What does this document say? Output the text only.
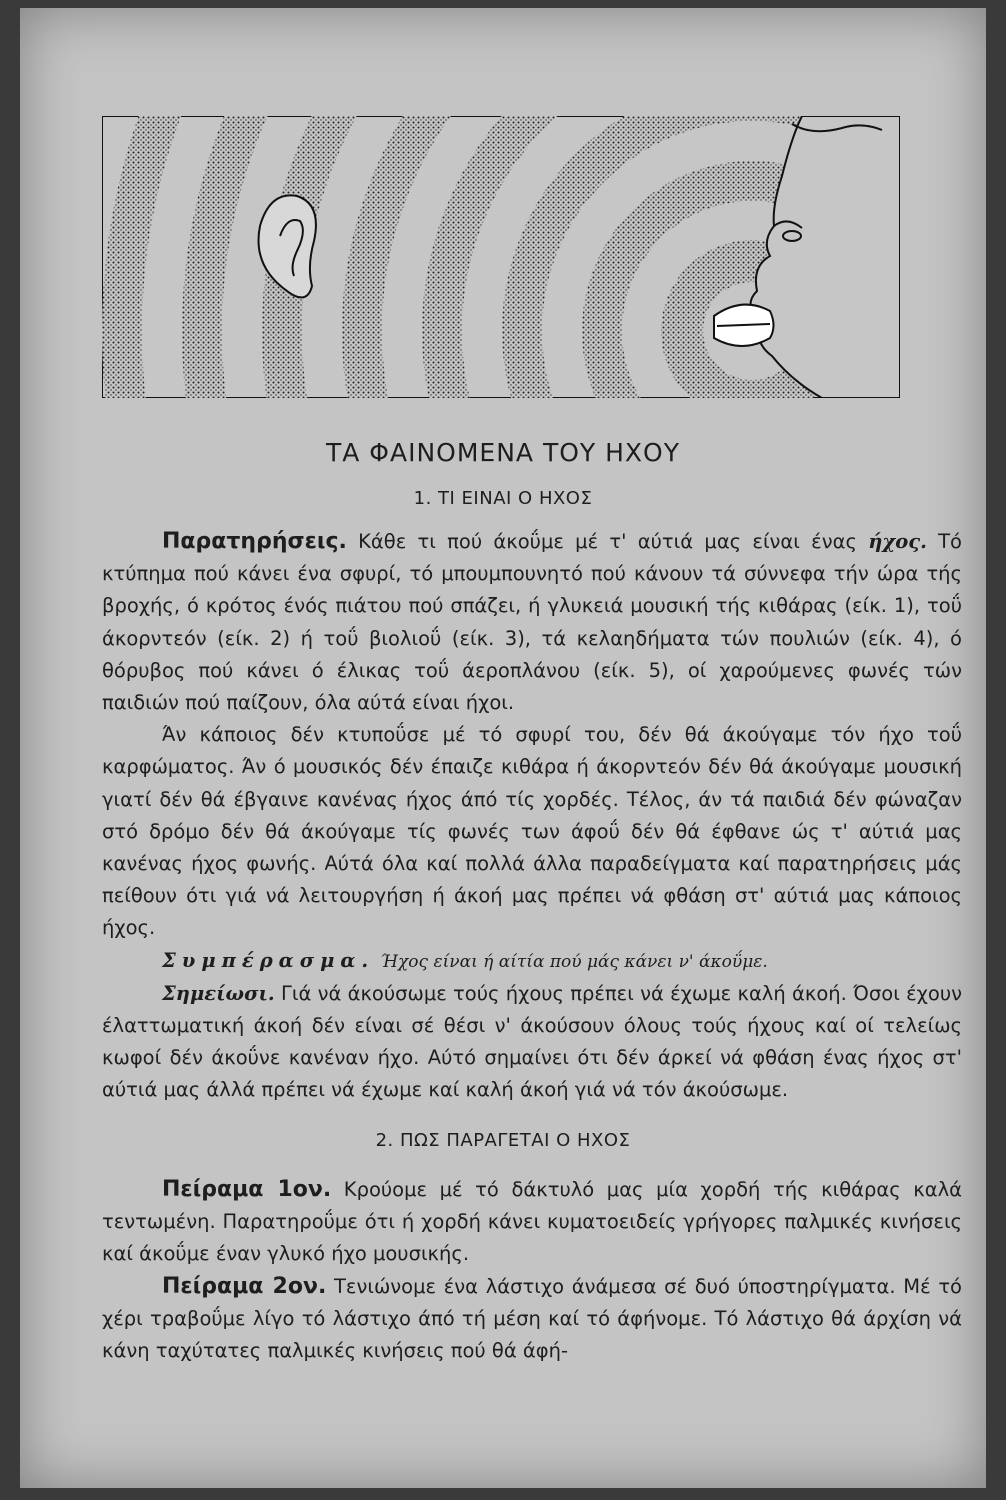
ΤΑ ΦΑΙΝΟΜΕΝΑ ΤΟΥ ΗΧΟΥ
1. ΤΙ ΕΙΝΑΙ Ο ΗΧΟΣ

Παρατηρήσεις. Κάθε τι πού άκοΰμε μέ τ' αύτιά μας είναι ένας ήχος. Τό κτύπημα πού κάνει ένα σφυρί, τό μπουμπουνητό πού κάνουν τά σύννεφα τήν ώρα τής βροχής, ό κρότος ένός πιάτου πού σπάζει, ή γλυκειά μουσική τής κιθάρας (είκ. 1), τοΰ άκορντεόν (είκ. 2) ή τοΰ βιολιοΰ (είκ. 3), τά κελαηδήματα τών πουλιών (είκ. 4), ό θόρυβος πού κάνει ό έλικας τοΰ άεροπλάνου (είκ. 5), οί χαρούμενες φωνές τών παιδιών πού παίζουν, όλα αύτά είναι ήχοι.

Άν κάποιος δέν κτυποΰσε μέ τό σφυρί του, δέν θά άκούγαμε τόν ήχο τοΰ καρφώματος. Άν ό μουσικός δέν έπαιζε κιθάρα ή άκορντεόν δέν θά άκούγαμε μουσική γιατί δέν θά έβγαινε κανένας ήχος άπό τίς χορδές. Τέλος, άν τά παιδιά δέν φώναζαν στό δρόμο δέν θά άκούγαμε τίς φωνές των άφοΰ δέν θά έφθανε ώς τ' αύτιά μας κανένας ήχος φωνής. Αύτά όλα καί πολλά άλλα παραδείγματα καί παρατηρήσεις μάς πείθουν ότι γιά νά λειτουργήση ή άκοή μας πρέπει νά φθάση στ' αύτιά μας κάποιος ήχος.

Συμπέρασμα. Ήχος είναι ή αίτία πού μάς κάνει ν' άκοΰμε.

Σημείωσι. Γιά νά άκούσωμε τούς ήχους πρέπει νά έχωμε καλή άκοή. Όσοι έχουν έλαττωματική άκοή δέν είναι σέ θέσι ν' άκούσουν όλους τούς ήχους καί οί τελείως κωφοί δέν άκοΰνε κανέναν ήχο. Αύτό σημαίνει ότι δέν άρκεί νά φθάση ένας ήχος στ' αύτιά μας άλλά πρέπει νά έχωμε καί καλή άκοή γιά νά τόν άκούσωμε.

2. ΠΩΣ ΠΑΡΑΓΕΤΑΙ Ο ΗΧΟΣ

Πείραμα 1ον. Κρούομε μέ τό δάκτυλό μας μία χορδή τής κιθάρας καλά τεντωμένη. Παρατηροΰμε ότι ή χορδή κάνει κυματοειδείς γρήγορες παλμικές κινήσεις καί άκοΰμε έναν γλυκό ήχο μουσικής.

Πείραμα 2ον. Τενιώνομε ένα λάστιχο άνάμεσα σέ δυό ύποστηρίγματα. Μέ τό χέρι τραβοΰμε λίγο τό λάστιχο άπό τή μέση καί τό άφήνομε. Τό λάστιχο θά άρχίση νά κάνη ταχύτατες παλμικές κινήσεις πού θά άφή-
